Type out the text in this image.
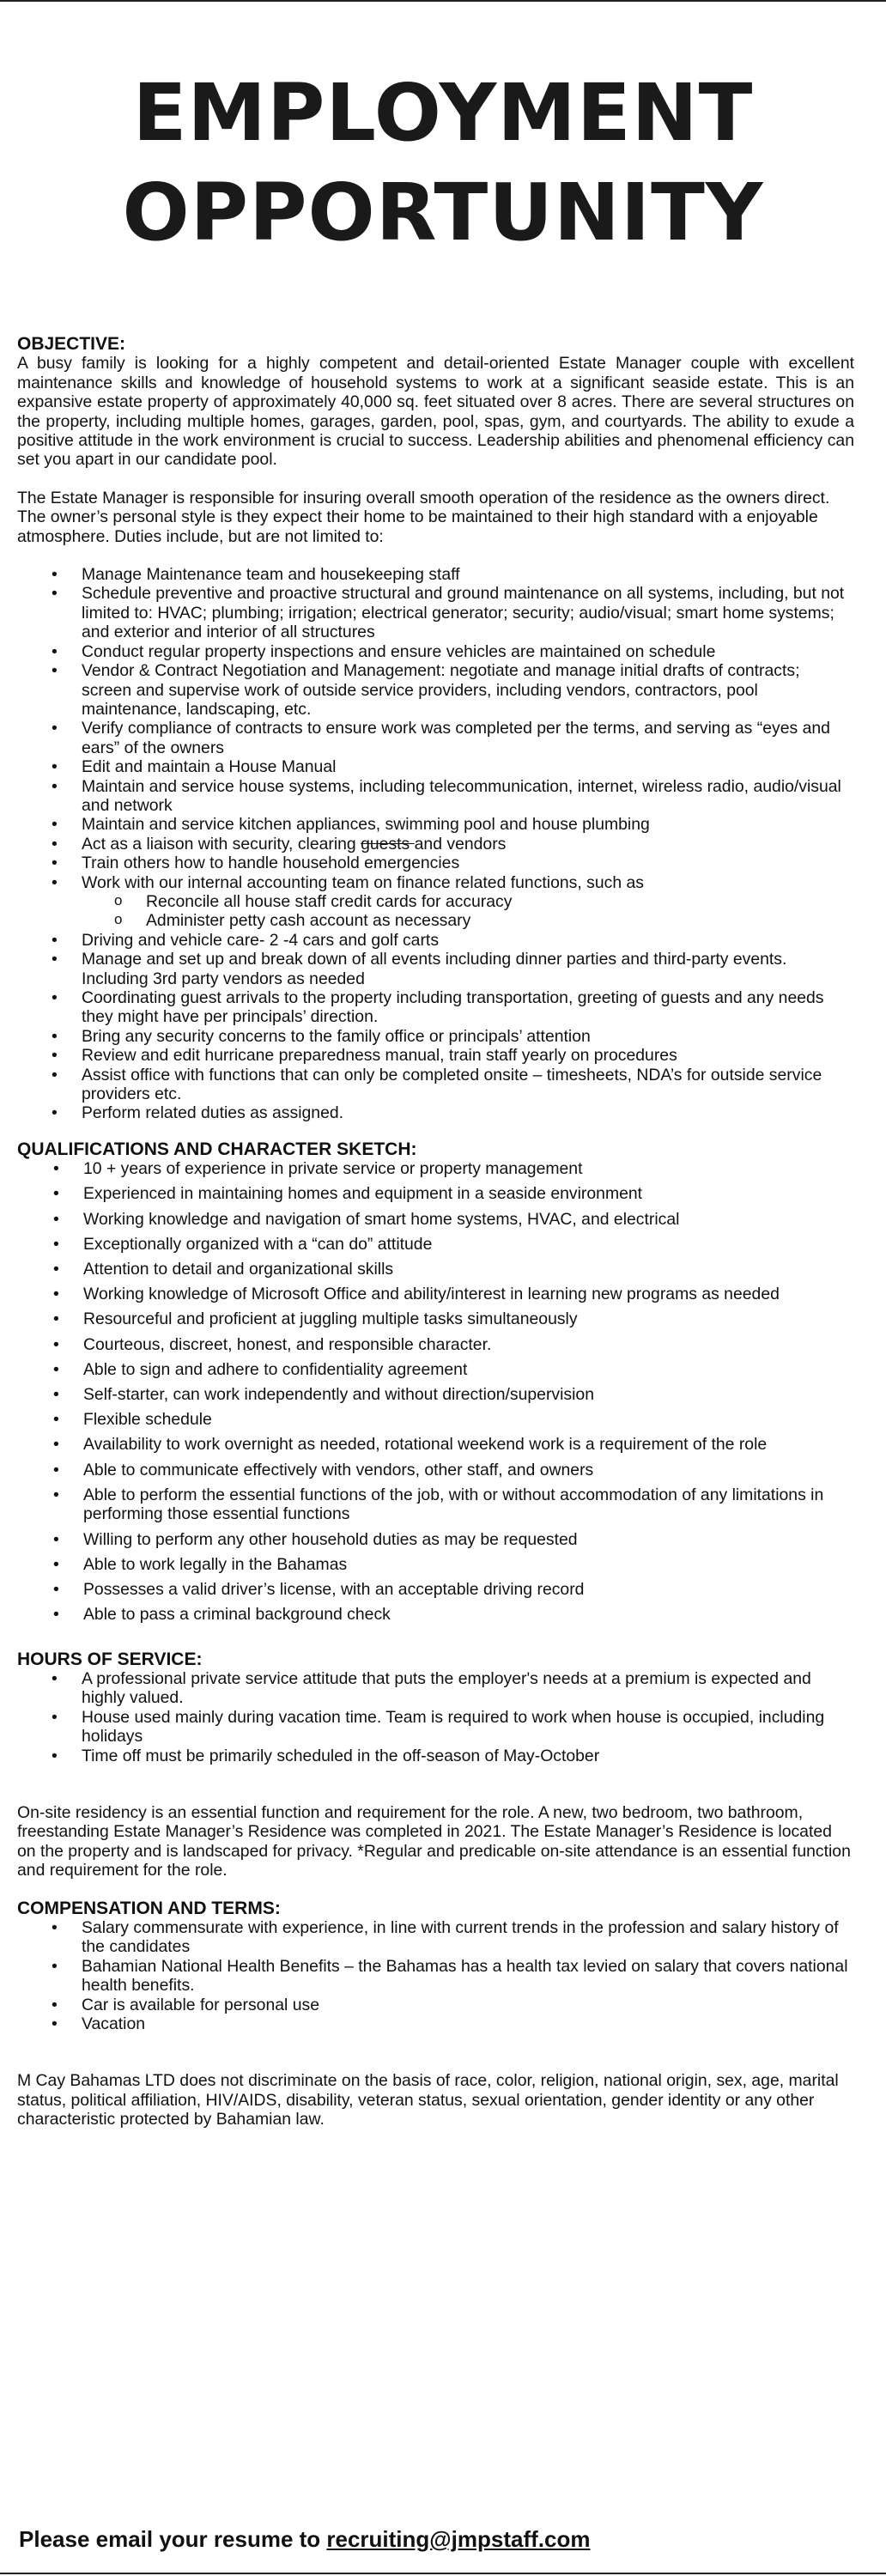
EMPLOYMENT
OPPORTUNITY

OBJECTIVE:

A busy family is looking for a highly competent and detail-oriented Estate Manager couple with excellent maintenance skills and knowledge of household systems to work at a significant seaside estate. This is an expansive estate property of approximately 40,000 sq. feet situated over 8 acres. There are several structures on the property, including multiple homes, garages, garden, pool, spas, gym, and courtyards. The ability to exude a positive attitude in the work environment is crucial to success. Leadership abilities and phenomenal efficiency can set you apart in our candidate pool.

The Estate Manager is responsible for insuring overall smooth operation of the residence as the owners direct. The owner’s personal style is they expect their home to be maintained to their high standard with a enjoyable atmosphere. Duties include, but are not limited to:

• Manage Maintenance team and housekeeping staff
• Schedule preventive and proactive structural and ground maintenance on all systems, including, but not limited to: HVAC; plumbing; irrigation; electrical generator; security; audio/visual; smart home systems; and exterior and interior of all structures
• Conduct regular property inspections and ensure vehicles are maintained on schedule
• Vendor & Contract Negotiation and Management: negotiate and manage initial drafts of contracts; screen and supervise work of outside service providers, including vendors, contractors, pool maintenance, landscaping, etc.
• Verify compliance of contracts to ensure work was completed per the terms, and serving as “eyes and ears” of the owners
• Edit and maintain a House Manual
• Maintain and service house systems, including telecommunication, internet, wireless radio, audio/visual and network
• Maintain and service kitchen appliances, swimming pool and house plumbing
• Act as a liaison with security, clearing guests and vendors
• Train others how to handle household emergencies
• Work with our internal accounting team on finance related functions, such as
o Reconcile all house staff credit cards for accuracy
o Administer petty cash account as necessary
• Driving and vehicle care- 2 -4 cars and golf carts
• Manage and set up and break down of all events including dinner parties and third-party events. Including 3rd party vendors as needed
• Coordinating guest arrivals to the property including transportation, greeting of guests and any needs they might have per principals’ direction.
• Bring any security concerns to the family office or principals’ attention
• Review and edit hurricane preparedness manual, train staff yearly on procedures
• Assist office with functions that can only be completed onsite – timesheets, NDA’s for outside service providers etc.
• Perform related duties as assigned.

QUALIFICATIONS AND CHARACTER SKETCH:

• 10 + years of experience in private service or property management
• Experienced in maintaining homes and equipment in a seaside environment
• Working knowledge and navigation of smart home systems, HVAC, and electrical
• Exceptionally organized with a “can do” attitude
• Attention to detail and organizational skills
• Working knowledge of Microsoft Office and ability/interest in learning new programs as needed
• Resourceful and proficient at juggling multiple tasks simultaneously
• Courteous, discreet, honest, and responsible character.
• Able to sign and adhere to confidentiality agreement
• Self-starter, can work independently and without direction/supervision
• Flexible schedule
• Availability to work overnight as needed, rotational weekend work is a requirement of the role
• Able to communicate effectively with vendors, other staff, and owners
• Able to perform the essential functions of the job, with or without accommodation of any limitations in performing those essential functions
• Willing to perform any other household duties as may be requested
• Able to work legally in the Bahamas
• Possesses a valid driver’s license, with an acceptable driving record
• Able to pass a criminal background check

HOURS OF SERVICE:

• A professional private service attitude that puts the employer's needs at a premium is expected and highly valued.
• House used mainly during vacation time. Team is required to work when house is occupied, including holidays
• Time off must be primarily scheduled in the off-season of May-October

On-site residency is an essential function and requirement for the role. A new, two bedroom, two bathroom, freestanding Estate Manager’s Residence was completed in 2021. The Estate Manager’s Residence is located on the property and is landscaped for privacy. *Regular and predicable on-site attendance is an essential function and requirement for the role.

COMPENSATION AND TERMS:

• Salary commensurate with experience, in line with current trends in the profession and salary history of the candidates
• Bahamian National Health Benefits – the Bahamas has a health tax levied on salary that covers national health benefits.
• Car is available for personal use
• Vacation

M Cay Bahamas LTD does not discriminate on the basis of race, color, religion, national origin, sex, age, marital status, political affiliation, HIV/AIDS, disability, veteran status, sexual orientation, gender identity or any other characteristic protected by Bahamian law.

Please email your resume to recruiting@jmpstaff.com
